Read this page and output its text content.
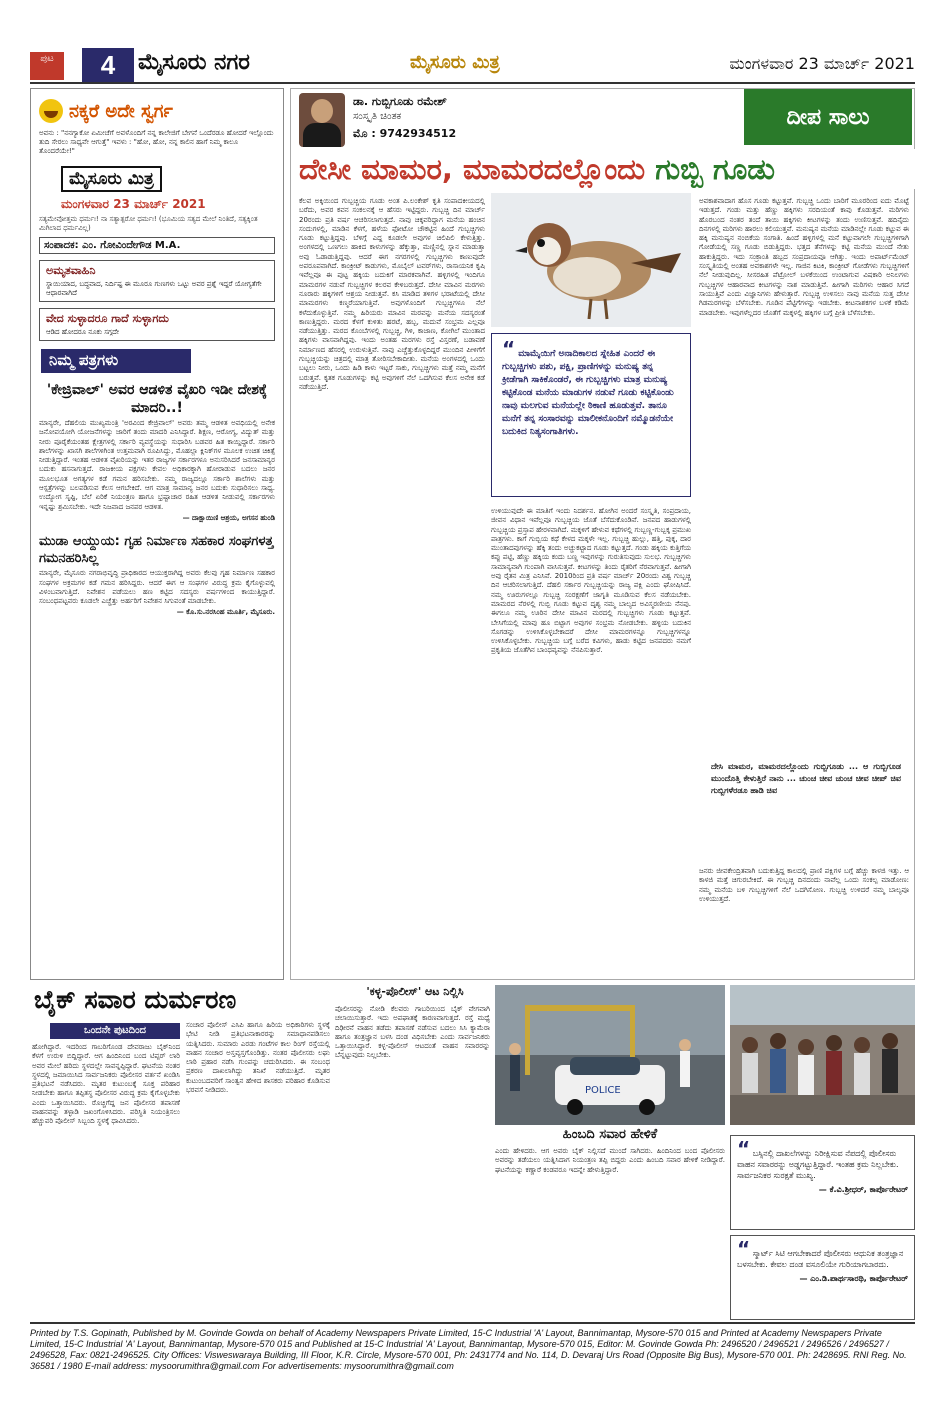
ಪುಟ	4	ಮೈಸೂರು ನಗರ	ಮೈಸೂರು ಮಿತ್ರ	ಮಂಗಳವಾರ 23 ಮಾರ್ಚ್ 2021
ನಕ್ಕರೆ ಅದೇ ಸ್ವರ್ಗ
ಅವನು : "ನನಗ್ಯಾಕೋ ಏಮೀಚೆಗೆ ಅವಳೊಂದಿಗೆ ನನ್ನ ಕಾಲೇಜಿಗೆ ಬೇಗನೆ ಒಂದೆರಡೂ ಹೋದರೆ ಇಲ್ಲೊಂದು ತುದಿ ಸೇರಲು ಸಾಧ್ಯವೇ ಆಗುತ್ತೆ" ಇವಳು : "ಹೋ, ಹೋ, ನನ್ನ ಕಾಲಿನ ಹಾಗೆ ನಿಮ್ಮ ಕಾಲೂ ತೊಂದರೆಯೇ!"
ಮೈಸೂರು ಮಿತ್ರ
ಮಂಗಳವಾರ 23 ಮಾರ್ಚ್ 2021
ಸತ್ಯಮೇವೋತ್ತಮ ಧರ್ಮಃ! ನಾ ಸತ್ಯಾತ್ಪರೋ ಧರ್ಮಃ! (ಭೂಮಿಯ ಸತ್ಯದ ಮೇಲೆ ನಿಂತಿದೆ, ಸತ್ಯಕ್ಕಿಂತ ಮಿಗಿಲಾದ ಧರ್ಮವಿಲ್ಲ)
ಸಂಪಾದಕ: ಎಂ. ಗೋವಿಂದೇಗೌಡ M.A.
ಅಮೃತವಾಹಿನಿ
ಸ್ಥಾಯಿಯಾದ, ಬದ್ಧವಾದ, ನಿರ್ದಿಷ್ಟ ಈ ಮೂರೂ ಗುಣಗಳು ಒಟ್ಟು ಅವರ ಪ್ರಶ್ನೆ ಇದ್ದರೆ ಯೋಗ್ಯತೆಗೇ ಆಧಾರವಾಗಿದೆ
ವೇದ ಸುಳ್ಳಾದರೂ ಗಾದೆ ಸುಳ್ಳಾಗದು
ಆಡಿದ ಹೋದರೂ ನೂಕು ಸಗ್ಗದೇ
ನಿಮ್ಮ ಪತ್ರಗಳು
'ಕೇಜ್ರಿವಾಲ್' ಅವರ ಆಡಳಿತ ವೈಖರಿ ಇಡೀ ದೇಶಕ್ಕೆ ಮಾದರಿ..!
ಮಾನ್ಯರೇ, ದೆಹಲಿಯ ಮುಖ್ಯಮಂತ್ರಿ 'ಅರವಿಂದ ಕೇಜ್ರಿವಾಲ್' ಅವರು ತಮ್ಮ ಆಡಳಿತ ಅವಧಿಯಲ್ಲಿ ಅನೇಕ ಜನೋಪಯೋಗಿ ಯೋಜನೆಗಳನ್ನು ಜಾರಿಗೆ ತಂದು ಮಾದರಿ ಎನಿಸಿದ್ದಾರೆ. ಶಿಕ್ಷಣ, ಆರೋಗ್ಯ, ವಿದ್ಯುತ್ ಮತ್ತು ನೀರು ಪೂರೈಕೆಯಂತಹ ಕ್ಷೇತ್ರಗಳಲ್ಲಿ ಸರ್ಕಾರಿ ವ್ಯವಸ್ಥೆಯನ್ನು ಸುಧಾರಿಸಿ ಬಡವರ ಹಿತ ಕಾಯ್ದಿದ್ದಾರೆ. ಸರ್ಕಾರಿ ಶಾಲೆಗಳನ್ನು ಖಾಸಗಿ ಶಾಲೆಗಳಿಗಿಂತ ಉತ್ತಮವಾಗಿ ರೂಪಿಸಿದ್ದು, ಮೊಹಲ್ಲಾ ಕ್ಲಿನಿಕ್‌ಗಳ ಮೂಲಕ ಉಚಿತ ಚಿಕಿತ್ಸೆ ನೀಡುತ್ತಿದ್ದಾರೆ. ಇಂತಹ ಆಡಳಿತ ವೈಖರಿಯನ್ನು ಇತರ ರಾಜ್ಯಗಳ ಸರ್ಕಾರಗಳೂ ಅನುಸರಿಸಿದರೆ ಜನಸಾಮಾನ್ಯರ ಬದುಕು ಹಸನಾಗುತ್ತದೆ. ರಾಜಕೀಯ ಪಕ್ಷಗಳು ಕೇವಲ ಅಧಿಕಾರಕ್ಕಾಗಿ ಹೋರಾಡುವ ಬದಲು ಜನರ ಮೂಲಭೂತ ಅಗತ್ಯಗಳ ಕಡೆ ಗಮನ ಹರಿಸಬೇಕು. ನಮ್ಮ ರಾಜ್ಯದಲ್ಲೂ ಸರ್ಕಾರಿ ಶಾಲೆಗಳು ಮತ್ತು ಆಸ್ಪತ್ರೆಗಳನ್ನು ಬಲಪಡಿಸುವ ಕೆಲಸ ಆಗಬೇಕಿದೆ. ಆಗ ಮಾತ್ರ ಸಾಮಾನ್ಯ ಜನರ ಬದುಕು ಸುಧಾರಿಸಲು ಸಾಧ್ಯ. ಉದ್ಯೋಗ ಸೃಷ್ಟಿ, ಬೆಲೆ ಏರಿಕೆ ನಿಯಂತ್ರಣ ಹಾಗೂ ಭ್ರಷ್ಟಾಚಾರ ರಹಿತ ಆಡಳಿತ ನೀಡುವಲ್ಲಿ ಸರ್ಕಾರಗಳು ಇನ್ನಷ್ಟು ಶ್ರಮಿಸಬೇಕು. ಇದೇ ನಿಜವಾದ ಜನಪರ ಆಡಳಿತ.
— ದಾಕ್ಷಾಯಿಣಿ ಆಶ್ರಯ, ಅಗಸನ ಹುಂಡಿ
ಮುಡಾ ಆಯ್ದುಯ: ಗೃಹ ನಿರ್ಮಾಣ ಸಹಕಾರ ಸಂಘಗಳತ್ತ ಗಮನಹರಿಸಿಲ್ಲ
ಮಾನ್ಯರೇ, ಮೈಸೂರು ನಗರಾಭಿವೃದ್ಧಿ ಪ್ರಾಧಿಕಾರದ ಆಯುಕ್ತರಾಗಿದ್ದ ಅವರು ಕೆಲವು ಗೃಹ ನಿರ್ಮಾಣ ಸಹಕಾರ ಸಂಘಗಳ ಅಕ್ರಮಗಳ ಕಡೆ ಗಮನ ಹರಿಸಿದ್ದರು. ಆದರೆ ಈಗ ಆ ಸಂಘಗಳ ವಿರುದ್ಧ ಕ್ರಮ ಕೈಗೊಳ್ಳುವಲ್ಲಿ ವಿಳಂಬವಾಗುತ್ತಿದೆ. ನಿವೇಶನ ಪಡೆಯಲು ಹಣ ಕಟ್ಟಿದ ಸದಸ್ಯರು ವರ್ಷಗಳಿಂದ ಕಾಯುತ್ತಿದ್ದಾರೆ. ಸಂಬಂಧಪಟ್ಟವರು ಕೂಡಲೇ ಎಚ್ಚೆತ್ತು ಅರ್ಹರಿಗೆ ನಿವೇಶನ ಸಿಗುವಂತೆ ಮಾಡಬೇಕು.
— ಕೊ.ಸು.ನರಸಿಂಹ ಮೂರ್ತಿ, ಮೈಸೂರು.
ಡಾ. ಗುಬ್ಬಿಗೂಡು ರಮೇಶ್
ಸಂಸ್ಕೃತಿ ಚಿಂತಕ
ಮೊ : 9742934512
ದೀಪ ಸಾಲು
ದೇಸೀ ಮಾಮರ, ಮಾಮರದಲ್ಲೊಂದು ಗುಬ್ಬಿ ಗೂಡು
ಕೆಲವ ಅಕ್ಕಿಯಿಂದ ಗುಬ್ಬಚ್ಚಿಯ ಗೂಡು ಅಂತ ಪಿ.ಲಂಕೇಶ್ ಕೃತಿ ಸಂಪಾದಕೀಯದಲ್ಲಿ ಬರೆದು, ಅವರ ಕವನ ಸಂಕಲನಕ್ಕೆ ಆ ಹೆಸರು ಇಟ್ಟಿದ್ದರು. ಗುಬ್ಬಚ್ಚಿ ದಿನ ಮಾರ್ಚ್ 20ರಂದು ಪ್ರತಿ ವರ್ಷ ಆಚರಿಸಲಾಗುತ್ತದೆ. ನಾವು ಚಿಕ್ಕವರಿದ್ದಾಗ ಮನೆಯ ಹಂಚಿನ ಸಂದುಗಳಲ್ಲಿ, ಮಾಡಿನ ಕೆಳಗೆ, ಹಳೆಯ ಫೋಟೋ ಚೌಕಟ್ಟಿನ ಹಿಂದೆ ಗುಬ್ಬಚ್ಚಿಗಳು ಗೂಡು ಕಟ್ಟುತ್ತಿದ್ದವು. ಬೆಳಿಗ್ಗೆ ಎದ್ದ ಕೂಡಲೇ ಅವುಗಳ ಚಿಲಿಪಿಲಿ ಕೇಳುತ್ತಿತ್ತು. ಅಂಗಳದಲ್ಲಿ ಒಣಗಲು ಹಾಕಿದ ಕಾಳುಗಳನ್ನು ಹೆಕ್ಕುತ್ತಾ, ಮಣ್ಣಿನಲ್ಲಿ ಸ್ನಾನ ಮಾಡುತ್ತಾ ಅವು ಓಡಾಡುತ್ತಿದ್ದವು. ಆದರೆ ಈಗ ನಗರಗಳಲ್ಲಿ ಗುಬ್ಬಚ್ಚಿಗಳು ಕಾಣುವುದೇ ಅಪರೂಪವಾಗಿದೆ. ಕಾಂಕ್ರೀಟ್ ಕಾಡುಗಳು, ಮೊಬೈಲ್ ಟವರ್‌ಗಳು, ರಾಸಾಯನಿಕ ಕೃಷಿ ಇವೆಲ್ಲವೂ ಈ ಪುಟ್ಟ ಹಕ್ಕಿಯ ಬದುಕಿಗೆ ಮಾರಕವಾಗಿವೆ. ಹಳ್ಳಿಗಳಲ್ಲಿ ಇಂದಿಗೂ ಮಾಮರಗಳ ನಡುವೆ ಗುಬ್ಬಚ್ಚಿಗಳ ಕಲರವ ಕೇಳಿಬರುತ್ತದೆ. ದೇಸೀ ಮಾವಿನ ಮರಗಳು ನೂರಾರು ಹಕ್ಕಿಗಳಿಗೆ ಆಶ್ರಯ ನೀಡುತ್ತವೆ. ಕಸಿ ಮಾಡಿದ ತಳಿಗಳ ಭರಾಟೆಯಲ್ಲಿ ದೇಸೀ ಮಾಮರಗಳು ಕಣ್ಮರೆಯಾಗುತ್ತಿವೆ. ಅವುಗಳೊಂದಿಗೆ ಗುಬ್ಬಚ್ಚಿಗಳೂ ನೆಲೆ ಕಳೆದುಕೊಳ್ಳುತ್ತಿವೆ. ನಮ್ಮ ಹಿರಿಯರು ಮಾವಿನ ಮರವನ್ನು ಮನೆಯ ಸದಸ್ಯರಂತೆ ಕಾಣುತ್ತಿದ್ದರು. ಮರದ ಕೆಳಗೆ ಕುಳಿತು ಹರಟೆ, ಹಬ್ಬ, ಮದುವೆ ಸಂಭ್ರಮ ಎಲ್ಲವೂ ನಡೆಯುತ್ತಿತ್ತು. ಮರದ ಕೊಂಬೆಗಳಲ್ಲಿ ಗುಬ್ಬಚ್ಚಿ, ಗಿಳಿ, ಕಾಜಾಣ, ಕೋಗಿಲೆ ಮುಂತಾದ ಹಕ್ಕಿಗಳು ವಾಸವಾಗಿದ್ದವು. ಇಂದು ಅಂತಹ ಮರಗಳು ರಸ್ತೆ ವಿಸ್ತರಣೆ, ಬಡಾವಣೆ ನಿರ್ಮಾಣದ ಹೆಸರಲ್ಲಿ ಉರುಳುತ್ತಿವೆ. ನಾವು ಎಚ್ಚೆತ್ತುಕೊಳ್ಳದಿದ್ದರೆ ಮುಂದಿನ ಪೀಳಿಗೆಗೆ ಗುಬ್ಬಚ್ಚಿಯನ್ನು ಚಿತ್ರದಲ್ಲಿ ಮಾತ್ರ ತೋರಿಸಬೇಕಾದೀತು. ಮನೆಯ ಅಂಗಳದಲ್ಲಿ ಒಂದು ಬಟ್ಟಲು ನೀರು, ಒಂದು ಹಿಡಿ ಕಾಳು ಇಟ್ಟರೆ ಸಾಕು, ಗುಬ್ಬಚ್ಚಿಗಳು ಮತ್ತೆ ನಮ್ಮ ಮನೆಗೆ ಬರುತ್ತವೆ. ಕೃತಕ ಗೂಡುಗಳನ್ನು ಕಟ್ಟಿ ಅವುಗಳಿಗೆ ನೆಲೆ ಒದಗಿಸುವ ಕೆಲಸ ಅನೇಕ ಕಡೆ ನಡೆಯುತ್ತಿದೆ.
“ ಮಾಮೈಯಿಗೆ ಅನಾದಿಕಾಲದ ಸ್ನೇಹಿತ ಎಂದರೆ ಈ ಗುಬ್ಬಚ್ಚಿಗಳು ಪಶು, ಪಕ್ಷಿ, ಪ್ರಾಣಿಗಳನ್ನು ಮನುಷ್ಯ ತನ್ನ ಕ್ರೀಡೆಗಾಗಿ ಸಾಕಿಕೊಂಡರೆ, ಈ ಗುಬ್ಬಚ್ಚಿಗಳು ಮಾತ್ರ ಮನುಷ್ಯ ಕಟ್ಟಿಕೊಂಡ ಮನೆಯ ಮಾಡುಗಳ ನಡುವೆ ಗೂಡು ಕಟ್ಟಿಕೊಂಡು ನಾವು ಮಲಗುವ ಮನೆಯಲ್ಲೇ ಠಿಕಾಣಿ ಹೂಡುತ್ತವೆ. ತಾನೂ ಮನೆಗೆ ತನ್ನ ಸಂಸಾರವನ್ನು ಮಾಲೀಕನೊಂದಿಗೆ ನಮ್ಮೊಡನೆಯೇ ಬದುಕಿದ ನಿತ್ಯಸಂಗಾತಿಗಳು.
ಉಳಿಯುವುದೇ ಈ ಮಾತಿಗೆ ಇಂದು ನಿದರ್ಶನ. ಹೋಗಿನ ಅಂದರೆ ಸಂಸ್ಕೃತಿ, ಸಂಪ್ರದಾಯ, ಜೀವನ ವಿಧಾನ ಇವೆಲ್ಲವೂ ಗುಬ್ಬಚ್ಚಿಯ ಜೊತೆ ಬೆಸೆದುಕೊಂಡಿವೆ. ಜನಪದ ಹಾಡುಗಳಲ್ಲಿ ಗುಬ್ಬಚ್ಚಿಯ ಪ್ರಸ್ತಾಪ ಹೇರಳವಾಗಿದೆ. ಮಕ್ಕಳಿಗೆ ಹೇಳುವ ಕಥೆಗಳಲ್ಲಿ ಗುಬ್ಬಣ್ಣ-ಗುಬ್ಬಕ್ಕ ಪ್ರಮುಖ ಪಾತ್ರಗಳು. ಕಾಗೆ ಗುಬ್ಬಿಯ ಕಥೆ ಕೇಳದ ಮಕ್ಕಳೇ ಇಲ್ಲ. ಗುಬ್ಬಚ್ಚಿ ಹುಲ್ಲು, ಹತ್ತಿ, ಪುಕ್ಕ, ದಾರ ಮುಂತಾದವುಗಳನ್ನು ಹೆಕ್ಕಿ ತಂದು ಅಚ್ಚುಕಟ್ಟಾದ ಗೂಡು ಕಟ್ಟುತ್ತದೆ. ಗಂಡು ಹಕ್ಕಿಯ ಕುತ್ತಿಗೆಯ ಕಪ್ಪು ಪಟ್ಟಿ, ಹೆಣ್ಣು ಹಕ್ಕಿಯ ಕಂದು ಬಣ್ಣ ಇವುಗಳನ್ನು ಗುರುತಿಸುವುದು ಸುಲಭ. ಗುಬ್ಬಚ್ಚಿಗಳು ಸಾಮಾನ್ಯವಾಗಿ ಗುಂಪಾಗಿ ವಾಸಿಸುತ್ತವೆ. ಕೀಟಗಳನ್ನು ತಿಂದು ರೈತರಿಗೆ ನೆರವಾಗುತ್ತವೆ. ಹೀಗಾಗಿ ಅವು ರೈತನ ಮಿತ್ರ ಎನಿಸಿವೆ. 2010ರಿಂದ ಪ್ರತಿ ವರ್ಷ ಮಾರ್ಚ್ 20ರಂದು ವಿಶ್ವ ಗುಬ್ಬಚ್ಚಿ ದಿನ ಆಚರಿಸಲಾಗುತ್ತಿದೆ. ದೆಹಲಿ ಸರ್ಕಾರ ಗುಬ್ಬಚ್ಚಿಯನ್ನು ರಾಜ್ಯ ಪಕ್ಷಿ ಎಂದು ಘೋಷಿಸಿದೆ. ನಮ್ಮ ಊರುಗಳಲ್ಲೂ ಗುಬ್ಬಚ್ಚಿ ಸಂರಕ್ಷಣೆಗೆ ಜಾಗೃತಿ ಮೂಡಿಸುವ ಕೆಲಸ ನಡೆಯಬೇಕು. ಮಾಮರದ ನೆರಳಲ್ಲಿ ಗುಬ್ಬಿ ಗೂಡು ಕಟ್ಟುವ ದೃಶ್ಯ ನಮ್ಮ ಬಾಲ್ಯದ ಅವಿಸ್ಮರಣೀಯ ನೆನಪು. ಈಗಲೂ ನಮ್ಮ ಊರಿನ ದೇಸೀ ಮಾವಿನ ಮರದಲ್ಲಿ ಗುಬ್ಬಚ್ಚಿಗಳು ಗೂಡು ಕಟ್ಟುತ್ತವೆ. ಬೇಸಿಗೆಯಲ್ಲಿ ಮಾವು ಹೂ ಬಿಟ್ಟಾಗ ಅವುಗಳ ಸಂಭ್ರಮ ನೋಡಬೇಕು. ಹಳ್ಳಿಯ ಬದುಕಿನ ಸೊಗಡನ್ನು ಉಳಿಸಿಕೊಳ್ಳಬೇಕಾದರೆ ದೇಸೀ ಮಾಮರಗಳನ್ನೂ ಗುಬ್ಬಚ್ಚಿಗಳನ್ನೂ ಉಳಿಸಿಕೊಳ್ಳಬೇಕು. ಗುಬ್ಬಚ್ಚಿಯ ಬಗ್ಗೆ ಬರೆದ ಕವಿಗಳು, ಹಾಡು ಕಟ್ಟಿದ ಜನಪದರು ನಮಗೆ ಪ್ರಕೃತಿಯ ಜೊತೆಗಿನ ಬಾಂಧವ್ಯವನ್ನು ನೆನಪಿಸುತ್ತಾರೆ.
ಅವಕಾಶವಾದಾಗ ಹೊಸ ಗೂಡು ಕಟ್ಟುತ್ತವೆ. ಗುಬ್ಬಚ್ಚಿ ಒಂದು ಬಾರಿಗೆ ಮೂರರಿಂದ ಐದು ಮೊಟ್ಟೆ ಇಡುತ್ತದೆ. ಗಂಡು ಮತ್ತು ಹೆಣ್ಣು ಹಕ್ಕಿಗಳು ಸರದಿಯಂತೆ ಕಾವು ಕೊಡುತ್ತವೆ. ಮರಿಗಳು ಹೊರಬಂದ ನಂತರ ತಂದೆ ತಾಯಿ ಹಕ್ಕಿಗಳು ಕೀಟಗಳನ್ನು ತಂದು ಉಣಿಸುತ್ತವೆ. ಹದಿನೈದು ದಿನಗಳಲ್ಲಿ ಮರಿಗಳು ಹಾರಲು ಕಲಿಯುತ್ತವೆ. ಮನುಷ್ಯನ ಮನೆಯ ಮಾಡಿನಲ್ಲೇ ಗೂಡು ಕಟ್ಟುವ ಈ ಹಕ್ಕಿ ಮನುಷ್ಯನ ನಂಬಿಕೆಯ ಸಂಗಾತಿ. ಹಿಂದೆ ಹಳ್ಳಿಗಳಲ್ಲಿ ಮನೆ ಕಟ್ಟುವಾಗಲೇ ಗುಬ್ಬಚ್ಚಿಗಳಿಗಾಗಿ ಗೋಡೆಯಲ್ಲಿ ಸಣ್ಣ ಗೂಡು ಬಿಡುತ್ತಿದ್ದರು. ಭತ್ತದ ತೆನೆಗಳನ್ನು ಕಟ್ಟಿ ಮನೆಯ ಮುಂದೆ ನೇತು ಹಾಕುತ್ತಿದ್ದರು. ಇದು ಸಂಕ್ರಾಂತಿ ಹಬ್ಬದ ಸಂಪ್ರದಾಯವೂ ಆಗಿತ್ತು. ಇಂದು ಅಪಾರ್ಟ್‌ಮೆಂಟ್ ಸಂಸ್ಕೃತಿಯಲ್ಲಿ ಅಂತಹ ಅವಕಾಶಗಳೇ ಇಲ್ಲ. ಗಾಜಿನ ಕಿಟಕಿ, ಕಾಂಕ್ರೀಟ್ ಗೋಡೆಗಳು ಗುಬ್ಬಚ್ಚಿಗಳಿಗೆ ನೆಲೆ ನೀಡುವುದಿಲ್ಲ. ಸೀಸರಹಿತ ಪೆಟ್ರೋಲ್ ಬಳಕೆಯಿಂದ ಉಂಟಾಗುವ ವಿಷಕಾರಿ ಅನಿಲಗಳು ಗುಬ್ಬಚ್ಚಿಗಳ ಆಹಾರವಾದ ಕೀಟಗಳನ್ನು ನಾಶ ಮಾಡುತ್ತಿವೆ. ಹೀಗಾಗಿ ಮರಿಗಳು ಆಹಾರ ಸಿಗದೆ ಸಾಯುತ್ತಿವೆ ಎಂದು ವಿಜ್ಞಾನಿಗಳು ಹೇಳುತ್ತಾರೆ. ಗುಬ್ಬಚ್ಚಿ ಉಳಿಸಲು ನಾವು ಮನೆಯ ಸುತ್ತ ದೇಸೀ ಗಿಡಮರಗಳನ್ನು ಬೆಳೆಸಬೇಕು. ಗೂಡಿನ ಪೆಟ್ಟಿಗೆಗಳನ್ನು ಇಡಬೇಕು. ಕೀಟನಾಶಕಗಳ ಬಳಕೆ ಕಡಿಮೆ ಮಾಡಬೇಕು. ಇವುಗಳೆಲ್ಲದರ ಜೊತೆಗೆ ಮಕ್ಕಳಲ್ಲಿ ಹಕ್ಕಿಗಳ ಬಗ್ಗೆ ಪ್ರೀತಿ ಬೆಳೆಸಬೇಕು.
ದೇಸಿ ಮಾಮರ, ಮಾಮರದಲ್ಲೊಂದು ಗುಬ್ಬಿಗೂಡು ... ಆ ಗುಬ್ಬಿಗೂಡ ಮುಂದೊತ್ತಿ ಕೇಳುತ್ತಿರೆ ನಾನು ... ಚುಂಚ ಚೀವ ಚುಂಚ ಚೀವ ಚೀಪ್ ಚಿವ ಗುಬ್ಬಿಗಳೆರಡೂ ಹಾಡಿ ಚಿವ
ಜನರು ಜೀವಕೇಂದ್ರಿತವಾಗಿ ಬದುಕುತ್ತಿದ್ದ ಕಾಲದಲ್ಲಿ ಪ್ರಾಣಿ ಪಕ್ಷಿಗಳ ಬಗ್ಗೆ ಹೆಚ್ಚು ಕಾಳಜಿ ಇತ್ತು. ಆ ಕಾಳಜಿ ಮತ್ತೆ ಚಿಗುರಬೇಕಿದೆ. ಈ ಗುಬ್ಬಚ್ಚಿ ದಿನದಂದು ನಾವೆಲ್ಲ ಒಂದು ಸಂಕಲ್ಪ ಮಾಡೋಣ: ನಮ್ಮ ಮನೆಯ ಬಳಿ ಗುಬ್ಬಚ್ಚಿಗಳಿಗೆ ನೆಲೆ ಒದಗಿಸೋಣ. ಗುಬ್ಬಚ್ಚಿ ಉಳಿದರೆ ನಮ್ಮ ಬಾಲ್ಯವೂ ಉಳಿಯುತ್ತದೆ.
ಬೈಕ್ ಸವಾರ ದುರ್ಮರಣ
ಒಂದನೇ ಪುಟದಿಂದ
ಹೋಗಿದ್ದಾರೆ. ಇದರಿಂದ ಗಾಬರಿಗೊಂಡ ದೇವರಾಜು ಬೈಕ್‌ನಿಂದ ಕೆಳಗೆ ಉರುಳಿ ಬಿದ್ದಿದ್ದಾರೆ. ಆಗ ಹಿಂದಿನಿಂದ ಬಂದ ಟಿಪ್ಪರ್ ಲಾರಿ ಅವರ ಮೇಲೆ ಹರಿದು ಸ್ಥಳದಲ್ಲೇ ಸಾವನ್ನಪ್ಪಿದ್ದಾರೆ. ಘಟನೆಯ ನಂತರ ಸ್ಥಳದಲ್ಲಿ ಜಮಾಯಿಸಿದ ಸಾರ್ವಜನಿಕರು ಪೊಲೀಸರ ವರ್ತನೆ ಖಂಡಿಸಿ ಪ್ರತಿಭಟನೆ ನಡೆಸಿದರು. ಮೃತರ ಕುಟುಂಬಕ್ಕೆ ಸೂಕ್ತ ಪರಿಹಾರ ನೀಡಬೇಕು ಹಾಗೂ ತಪ್ಪಿತಸ್ಥ ಪೊಲೀಸರ ವಿರುದ್ಧ ಕ್ರಮ ಕೈಗೊಳ್ಳಬೇಕು ಎಂದು ಒತ್ತಾಯಿಸಿದರು. ರೊಚ್ಚಿಗೆದ್ದ ಜನ ಪೊಲೀಸರ ತಪಾಸಣೆ ವಾಹನವನ್ನು ತಳ್ಳಾಡಿ ಜಖಂಗೊಳಿಸಿದರು. ಪರಿಸ್ಥಿತಿ ನಿಯಂತ್ರಿಸಲು ಹೆಚ್ಚುವರಿ ಪೊಲೀಸ್ ಸಿಬ್ಬಂದಿ ಸ್ಥಳಕ್ಕೆ ಧಾವಿಸಿದರು.
ಸಂಚಾರ ಪೊಲೀಸ್ ಎಸಿಪಿ ಹಾಗೂ ಹಿರಿಯ ಅಧಿಕಾರಿಗಳು ಸ್ಥಳಕ್ಕೆ ಭೇಟಿ ನೀಡಿ ಪ್ರತಿಭಟನಾಕಾರರನ್ನು ಸಮಾಧಾನಪಡಿಸಲು ಯತ್ನಿಸಿದರು. ಸುಮಾರು ಎರಡು ಗಂಟೆಗಳ ಕಾಲ ರಿಂಗ್ ರಸ್ತೆಯಲ್ಲಿ ವಾಹನ ಸಂಚಾರ ಅಸ್ತವ್ಯಸ್ತಗೊಂಡಿತ್ತು. ನಂತರ ಪೊಲೀಸರು ಲಘು ಲಾಠಿ ಪ್ರಹಾರ ನಡೆಸಿ ಗುಂಪನ್ನು ಚದುರಿಸಿದರು. ಈ ಸಂಬಂಧ ಪ್ರಕರಣ ದಾಖಲಾಗಿದ್ದು ತನಿಖೆ ನಡೆಯುತ್ತಿದೆ. ಮೃತರ ಕುಟುಂಬದವರಿಗೆ ಸಾಂತ್ವನ ಹೇಳಿದ ಶಾಸಕರು ಪರಿಹಾರ ಕೊಡಿಸುವ ಭರವಸೆ ನೀಡಿದರು.
'ಕಳ್ಳ-ಪೊಲೀಸ್' ಆಟ ನಿಲ್ಲಿಸಿ
ಪೊಲೀಸರನ್ನು ನೋಡಿ ಕೆಲವರು ಗಾಬರಿಯಿಂದ ಬೈಕ್ ವೇಗವಾಗಿ ಚಲಾಯಿಸುತ್ತಾರೆ. ಇದು ಅಪಘಾತಕ್ಕೆ ಕಾರಣವಾಗುತ್ತದೆ. ರಸ್ತೆ ಮಧ್ಯೆ ದಿಢೀರನೆ ವಾಹನ ತಡೆದು ತಪಾಸಣೆ ನಡೆಸುವ ಬದಲು ಸಿಸಿ ಕ್ಯಾಮೆರಾ ಹಾಗೂ ತಂತ್ರಜ್ಞಾನ ಬಳಸಿ ದಂಡ ವಿಧಿಸಬೇಕು ಎಂದು ಸಾರ್ವಜನಿಕರು ಒತ್ತಾಯಿಸಿದ್ದಾರೆ. ಕಳ್ಳ-ಪೊಲೀಸ್ ಆಟದಂತೆ ವಾಹನ ಸವಾರರನ್ನು ಬೆನ್ನಟ್ಟುವುದು ನಿಲ್ಲಬೇಕು.
POLICE
ಹಿಂಬದಿ ಸವಾರ ಹೇಳಿಕೆ
ಎಂದು ಹೇಳಿದರು. ಆಗ ಅವರು ಬೈಕ್ ನಿಲ್ಲಿಸದೆ ಮುಂದೆ ಸಾಗಿದರು. ಹಿಂದಿನಿಂದ ಬಂದ ಪೊಲೀಸರು ಅವರನ್ನು ತಡೆಯಲು ಯತ್ನಿಸಿದಾಗ ನಿಯಂತ್ರಣ ತಪ್ಪಿ ಬಿದ್ದರು ಎಂದು ಹಿಂಬದಿ ಸವಾರ ಹೇಳಿಕೆ ನೀಡಿದ್ದಾರೆ. ಘಟನೆಯನ್ನು ಕಣ್ಣಾರೆ ಕಂಡವರೂ ಇದನ್ನೇ ಹೇಳುತ್ತಿದ್ದಾರೆ.
“ ಬಸ್ಸಿನಲ್ಲಿ ದಾಖಲೆಗಳನ್ನು ನಿರೀಕ್ಷಿಸುವ ನೆಪದಲ್ಲಿ ಪೊಲೀಸರು ವಾಹನ ಸವಾರರನ್ನು ಅಡ್ಡಗಟ್ಟುತ್ತಿದ್ದಾರೆ. ಇಂತಹ ಕ್ರಮ ನಿಲ್ಲಬೇಕು. ಸಾರ್ವಜನಿಕರ ಸುರಕ್ಷತೆ ಮುಖ್ಯ.
— ಕೆ.ವಿ.ಶ್ರೀಧರ್, ಕಾರ್ಪೊರೇಟರ್
“ ಸ್ಮಾರ್ಟ್ ಸಿಟಿ ಆಗಬೇಕಾದರೆ ಪೊಲೀಸರು ಆಧುನಿಕ ತಂತ್ರಜ್ಞಾನ ಬಳಸಬೇಕು. ಕೇವಲ ದಂಡ ವಸೂಲಿಯೇ ಗುರಿಯಾಗಬಾರದು.
— ಎಂ.ಡಿ.ಪಾರ್ಥಸಾರಥಿ, ಕಾರ್ಪೊರೇಟರ್
Printed by T.S. Gopinath, Published by M. Govinde Gowda on behalf of Academy Newspapers Private Limited, 15-C Industrial 'A' Layout, Bannimantap, Mysore-570 015 and Printed at Academy Newspapers Private Limited, 15-C Industrial 'A' Layout, Bannimantap, Mysore-570 015 and Published at 15-C Industrial 'A' Layout, Bannimantap, Mysore-570 015, Editor: M. Govinde Gowda Ph: 2496520 / 2496521 / 2496526 / 2496527 / 2496528, Fax: 0821-2496525. City Offices: Visweswaraya Building, III Floor, K.R. Circle, Mysore-570 001, Ph: 2431774 and No. 114, D. Devaraj Urs Road (Opposite Big Bus), Mysore-570 001. Ph: 2428695. RNI Reg. No. 36581 / 1980 E-mail address: mysoorumithra@gmail.com For advertisements: mysoorumithra@gmail.com
